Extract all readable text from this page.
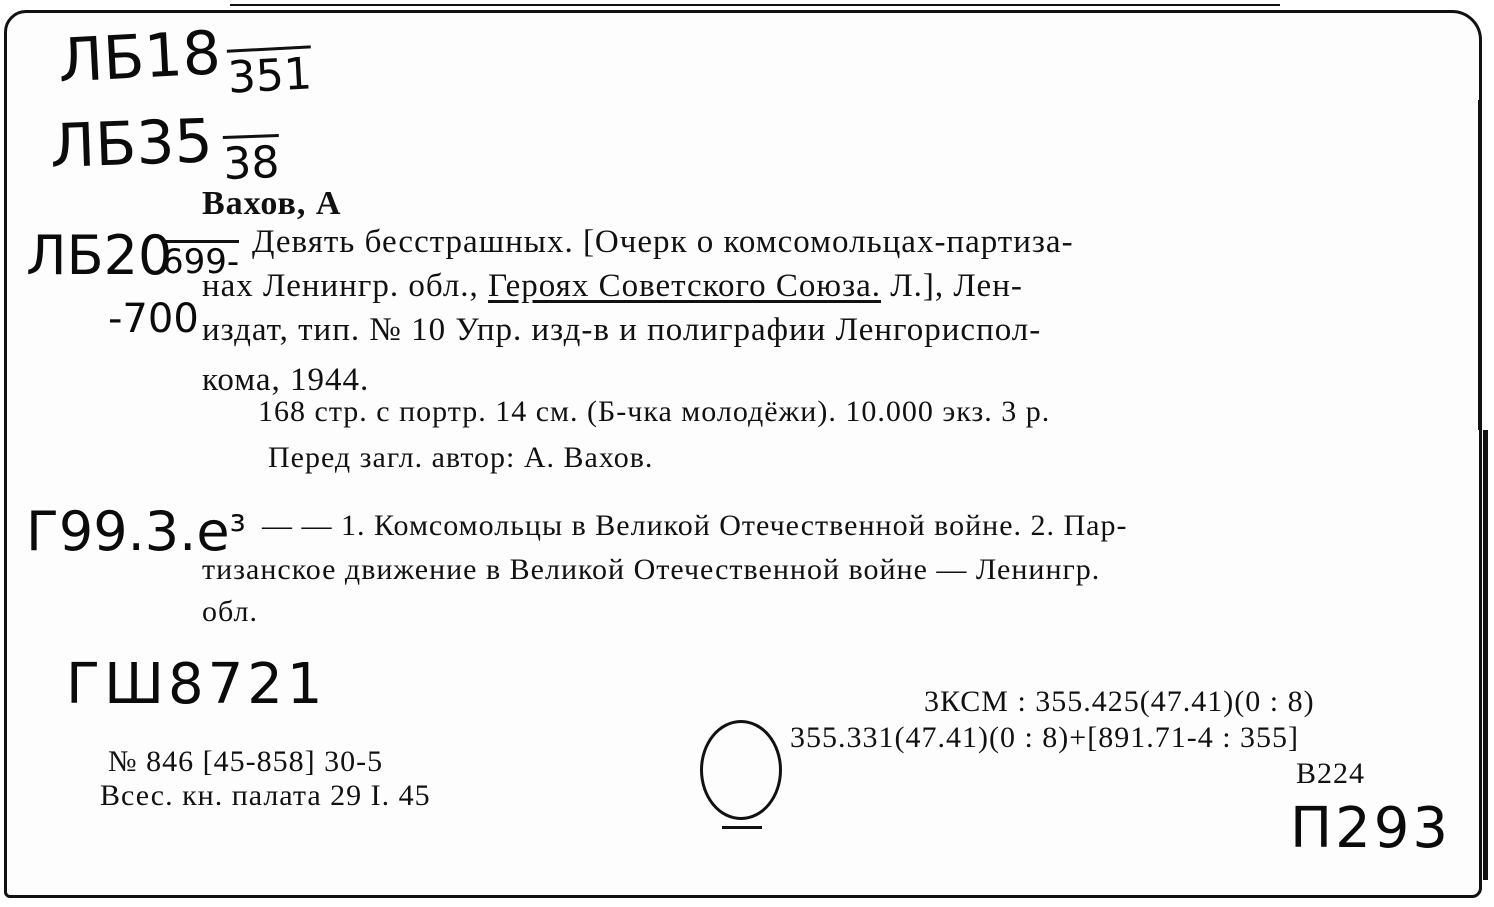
ЛБ18351
ЛБ35 38
ЛБ20
699-
-700
Вахов, А
Девять бесстрашных. [Очерк о комсомольцах-партиза-
нах Ленингр. обл., Героях Советского Союза. Л.], Лен-
издат, тип. № 10 Упр. изд-в и полиграфии Ленгориспол-
кома, 1944.
168 стр. с портр. 14 см. (Б-чка молодёжи). 10.000 экз. 3 р.
Перед загл. автор: А. Вахов.
$Г99.3.е^з$ — — 1. Комсомольцы в Великой Отечественной войне. 2. Пар-
тизанское движение в Великой Отечественной войне — Ленингр.
обл.
ГШ8721
№ 846 [45-858] 30-5
Всес. кн. палата 29 I. 45
3КСМ : 355.425(47.41)(0 : 8)
355.331(47.41)(0 : 8)+[891.71-4 : 355]
В224
П293
